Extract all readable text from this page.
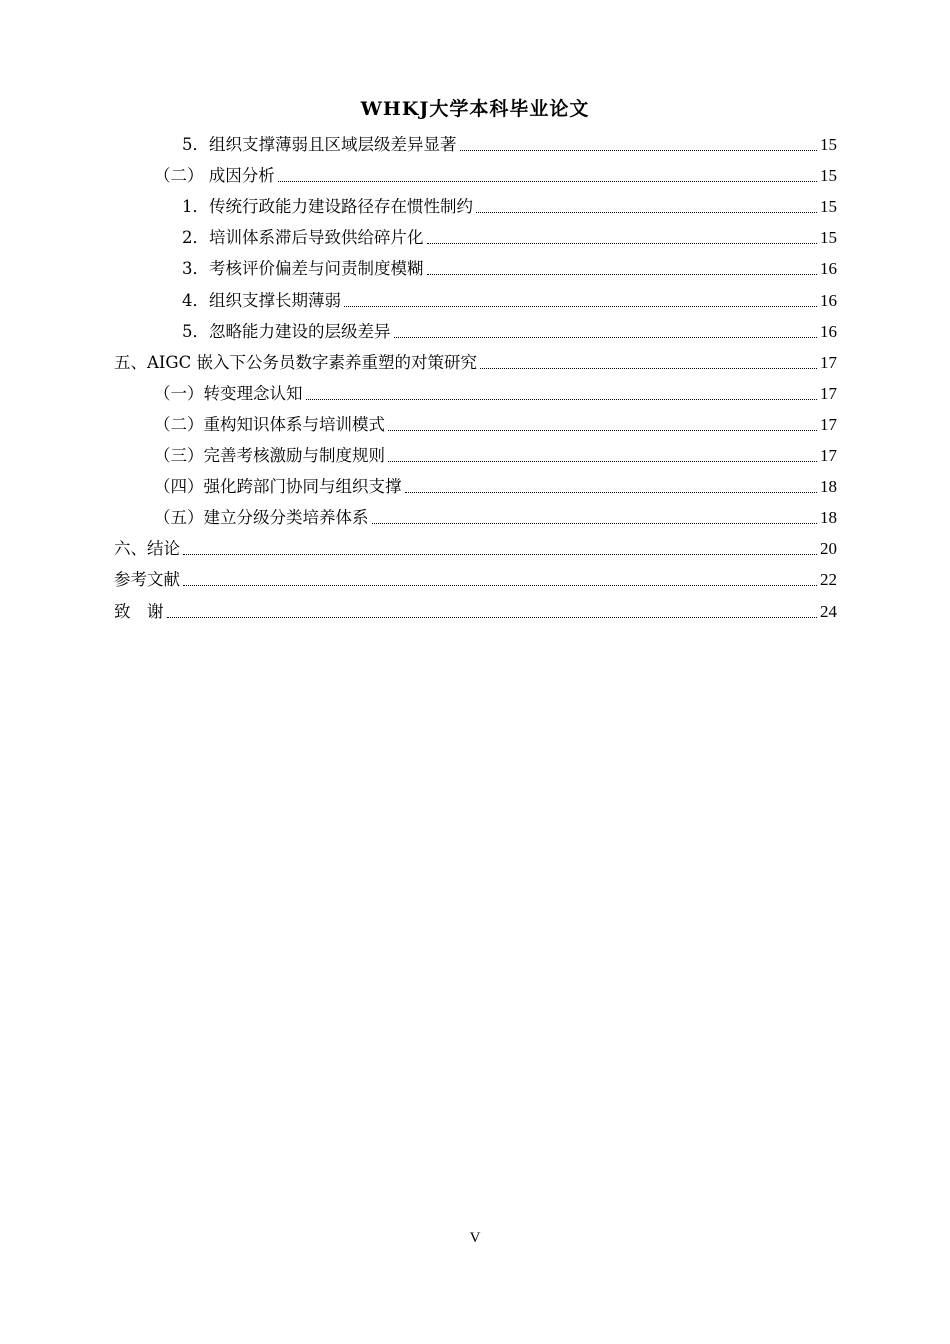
WHKJ大学本科毕业论文
5．组织支撑薄弱且区域层级差异显著	15
（二） 成因分析	15
1．传统行政能力建设路径存在惯性制约	15
2．培训体系滞后导致供给碎片化	15
3．考核评价偏差与问责制度模糊	16
4．组织支撑长期薄弱	16
5．忽略能力建设的层级差异	16
五、AIGC 嵌入下公务员数字素养重塑的对策研究	17
（一）转变理念认知	17
（二）重构知识体系与培训模式	17
（三）完善考核激励与制度规则	17
（四）强化跨部门协同与组织支撑	18
（五）建立分级分类培养体系	18
六、结论	20
参考文献	22
致　谢	24
V
